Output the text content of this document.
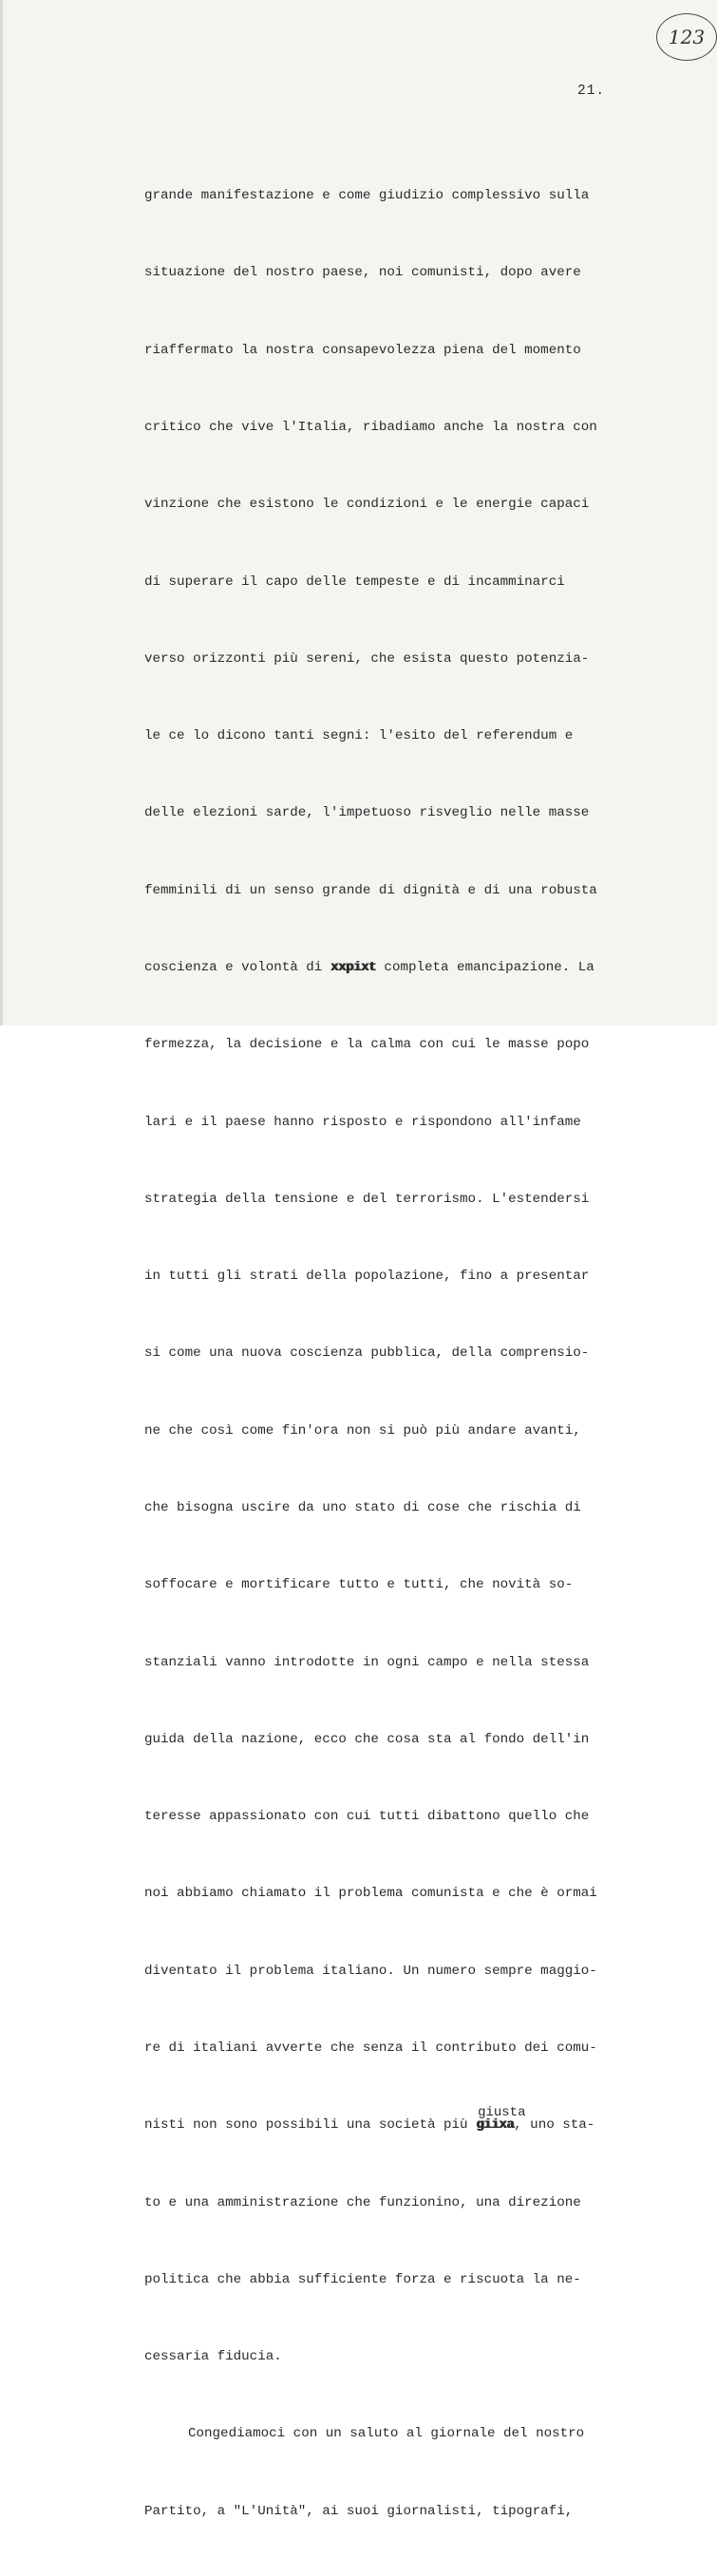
123
21.

grande manifestazione e come giudizio complessivo sulla

situazione del nostro paese, noi comunisti, dopo avere

riaffermato la nostra consapevolezza piena del momento

critico che vive l'Italia, ribadiamo anche la nostra con

vinzione che esistono le condizioni e le energie capaci

di superare il capo delle tempeste e di incamminarci

verso orizzonti più sereni, che esista questo potenzia-

le ce lo dicono tanti segni: l'esito del referendum e

delle elezioni sarde, l'impetuoso risveglio nelle masse

femminili di un senso grande di dignità e di una robusta

coscienza e volontà di xxpixt completa emancipazione. La

fermezza, la decisione e la calma con cui le masse popo

lari e il paese hanno risposto e rispondono all'infame

strategia della tensione e del terrorismo. L'estendersi

in tutti gli strati della popolazione, fino a presentar

si come una nuova coscienza pubblica, della comprensio-

ne che così come fin'ora non si può più andare avanti,

che bisogna uscire da uno stato di cose che rischia di

soffocare e mortificare tutto e tutti, che novità so-

stanziali vanno introdotte in ogni campo e nella stessa

guida della nazione, ecco che cosa sta al fondo dell'in

teresse appassionato con cui tutti dibattono quello che

noi abbiamo chiamato il problema comunista e che è ormai

diventato il problema italiano. Un numero sempre maggio-

re di italiani avverte che senza il contributo dei comu-

nisti non sono possibili una società più
giusta
giixa, uno sta-

to e una amministrazione che funzionino, una direzione

politica che abbia sufficiente forza e riscuota la ne-

cessaria fiducia.

Congediamoci con un saluto al giornale del nostro

Partito, a "L'Unità", ai suoi giornalisti, tipografi,
